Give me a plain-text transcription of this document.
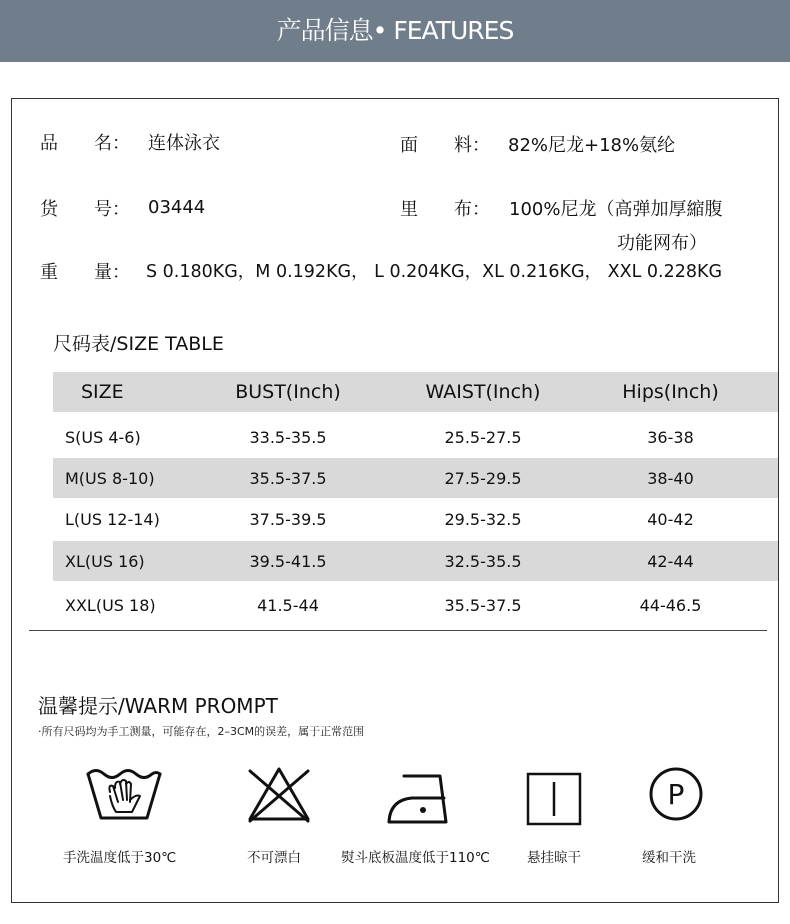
产品信息• FEATURES
品　　名： 连体泳衣	面　　料： 82%尼龙+18%氨纶
货　　号： 03444	里　　布： 100%尼龙（高弹加厚縮腹
功能网布）
重　　量： S 0.180KG，M 0.192KG， L 0.204KG，XL 0.216KG， XXL 0.228KG
尺码表/SIZE TABLE
SIZE	BUST(Inch)	WAIST(Inch)	Hips(Inch)
S(US 4-6)	33.5-35.5	25.5-27.5	36-38
M(US 8-10)	35.5-37.5	27.5-29.5	38-40
L(US 12-14)	37.5-39.5	29.5-32.5	40-42
XL(US 16)	39.5-41.5	32.5-35.5	42-44
XXL(US 18)	41.5-44	35.5-37.5	44-46.5
温馨提示/WARM PROMPT
·所有尺码均为手工测量，可能存在，2–3CM的误差，属于正常范围
手洗温度低于30℃	不可漂白	熨斗底板温度低于110℃	悬挂晾干
P
缓和干洗
